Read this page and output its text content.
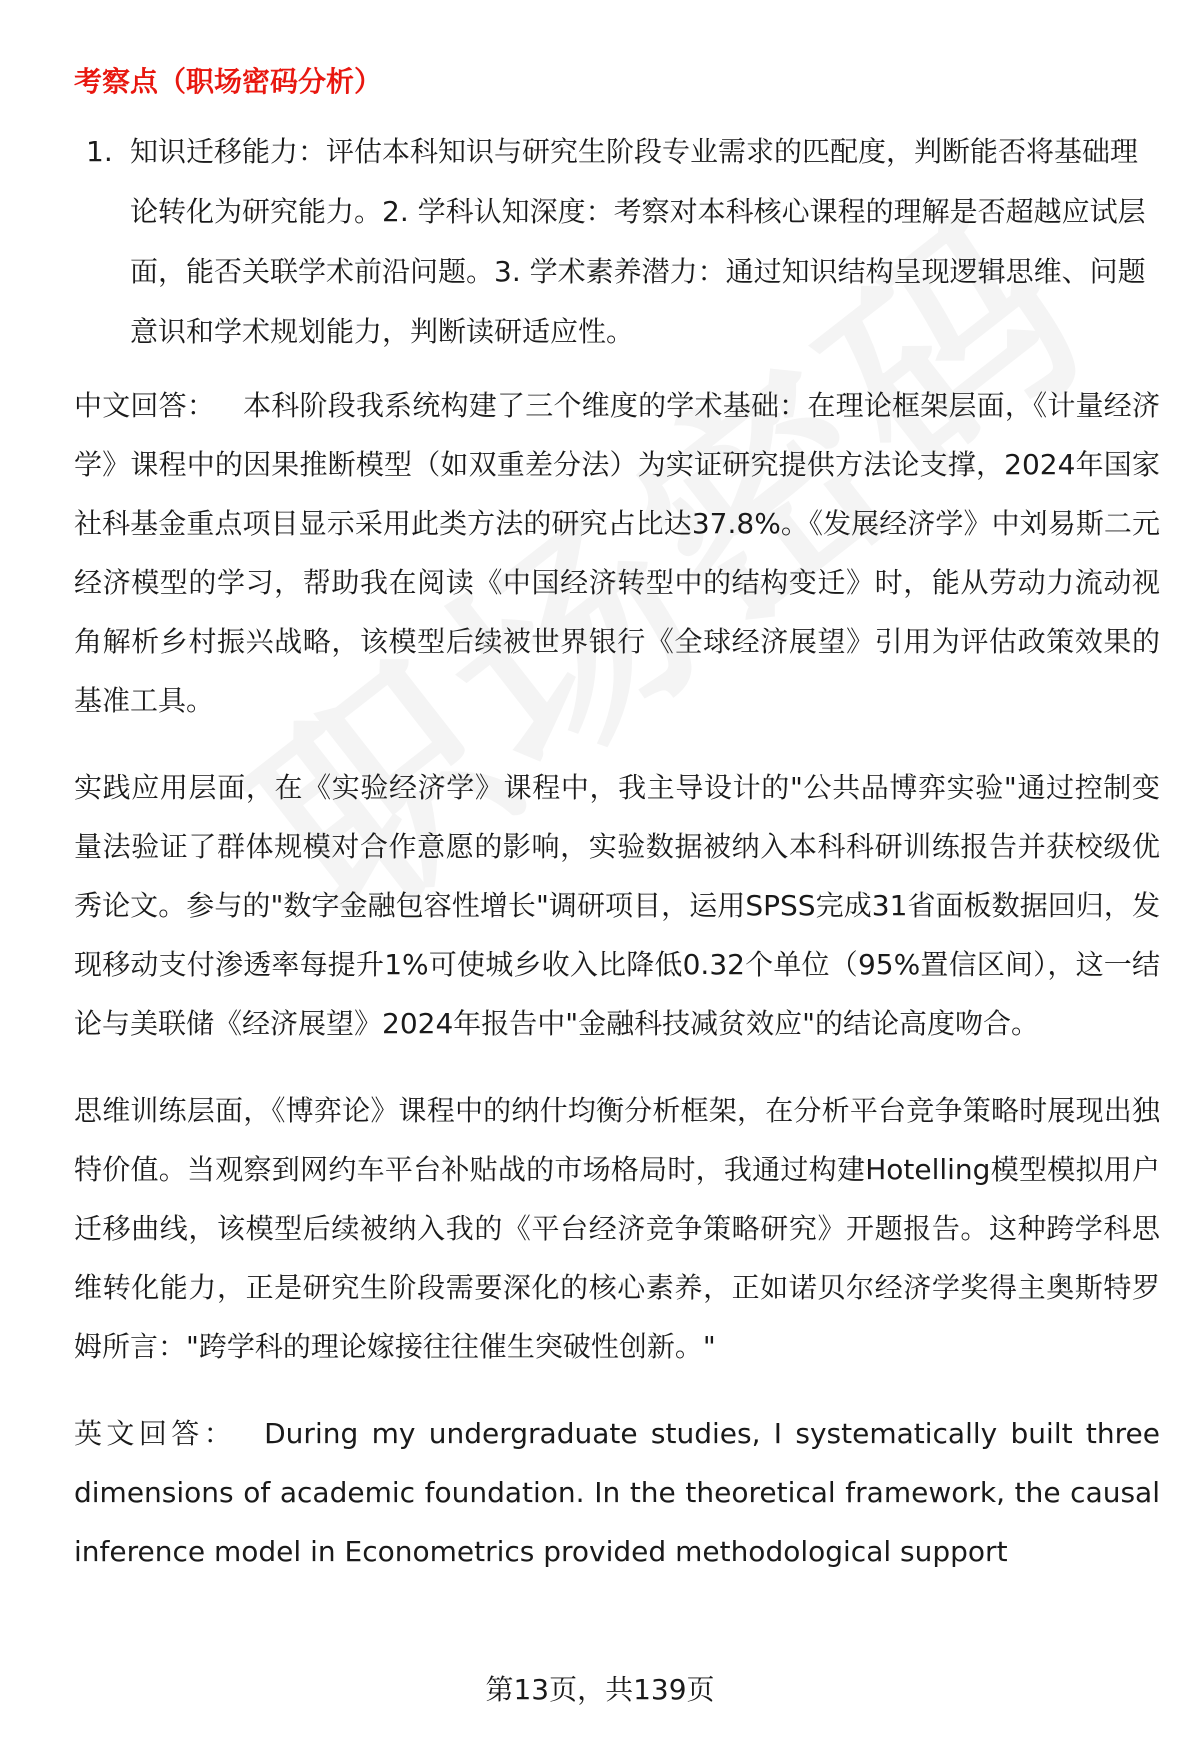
考察点（职场密码分析）
1. 知识迁移能力：评估本科知识与研究生阶段专业需求的匹配度，判断能否将基础理论转化为研究能力。2. 学科认知深度：考察对本科核心课程的理解是否超越应试层面，能否关联学术前沿问题。3. 学术素养潜力：通过知识结构呈现逻辑思维、问题意识和学术规划能力，判断读研适应性。
中文回答： 本科阶段我系统构建了三个维度的学术基础：在理论框架层面，《计量经济学》课程中的因果推断模型（如双重差分法）为实证研究提供方法论支撑，2024年国家社科基金重点项目显示采用此类方法的研究占比达37.8%。《发展经济学》中刘易斯二元经济模型的学习，帮助我在阅读《中国经济转型中的结构变迁》时，能从劳动力流动视角解析乡村振兴战略，该模型后续被世界银行《全球经济展望》引用为评估政策效果的基准工具。
实践应用层面，在《实验经济学》课程中，我主导设计的"公共品博弈实验"通过控制变量法验证了群体规模对合作意愿的影响，实验数据被纳入本科科研训练报告并获校级优秀论文。参与的"数字金融包容性增长"调研项目，运用SPSS完成31省面板数据回归，发现移动支付渗透率每提升1%可使城乡收入比降低0.32个单位（95%置信区间），这一结论与美联储《经济展望》2024年报告中"金融科技减贫效应"的结论高度吻合。
思维训练层面，《博弈论》课程中的纳什均衡分析框架，在分析平台竞争策略时展现出独特价值。当观察到网约车平台补贴战的市场格局时，我通过构建Hotelling模型模拟用户迁移曲线，该模型后续被纳入我的《平台经济竞争策略研究》开题报告。这种跨学科思维转化能力，正是研究生阶段需要深化的核心素养，正如诺贝尔经济学奖得主奥斯特罗姆所言："跨学科的理论嫁接往往催生突破性创新。"
英文回答： During my undergraduate studies, I systematically built three dimensions of academic foundation. In the theoretical framework, the causal inference model in Econometrics provided methodological support
第13页，共139页
